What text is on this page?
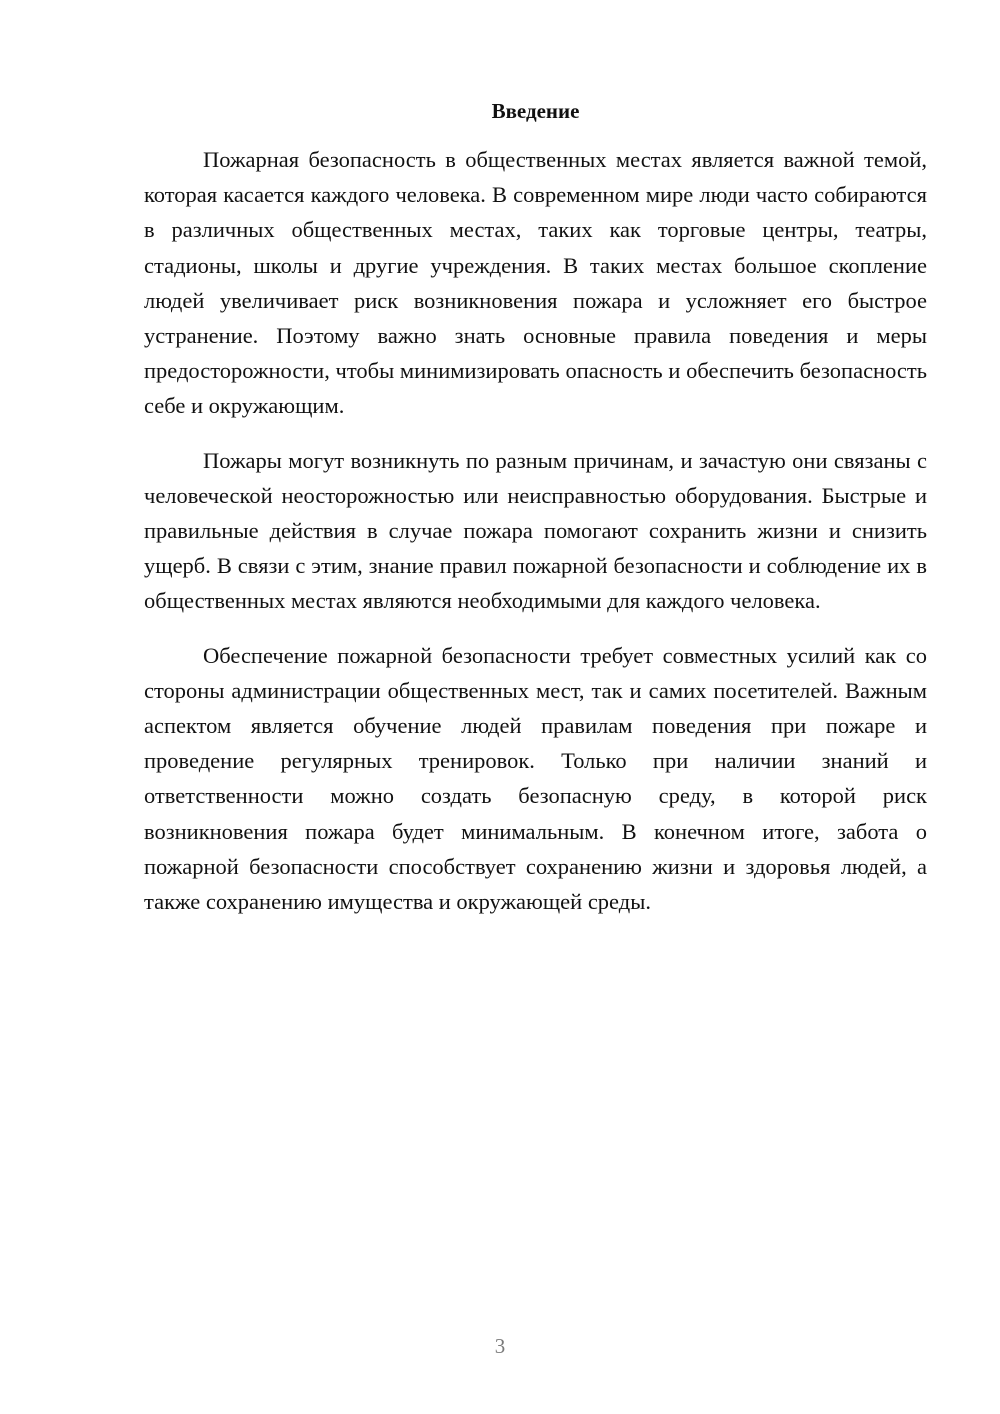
Введение

Пожарная безопасность в общественных местах является важной темой, которая касается каждого человека. В современном мире люди часто собираются в различных общественных местах, таких как торговые центры, театры, стадионы, школы и другие учреждения. В таких местах большое скопление людей увеличивает риск возникновения пожара и усложняет его быстрое устранение. Поэтому важно знать основные правила поведения и меры предосторожности, чтобы минимизировать опасность и обеспечить безопасность себе и окружающим.

Пожары могут возникнуть по разным причинам, и зачастую они связаны с человеческой неосторожностью или неисправностью оборудования. Быстрые и правильные действия в случае пожара помогают сохранить жизни и снизить ущерб. В связи с этим, знание правил пожарной безопасности и соблюдение их в общественных местах являются необходимыми для каждого человека.

Обеспечение пожарной безопасности требует совместных усилий как со стороны администрации общественных мест, так и самих посетителей. Важным аспектом является обучение людей правилам поведения при пожаре и проведение регулярных тренировок. Только при наличии знаний и ответственности можно создать безопасную среду, в которой риск возникновения пожара будет минимальным. В конечном итоге, забота о пожарной безопасности способствует сохранению жизни и здоровья людей, а также сохранению имущества и окружающей среды.

3
